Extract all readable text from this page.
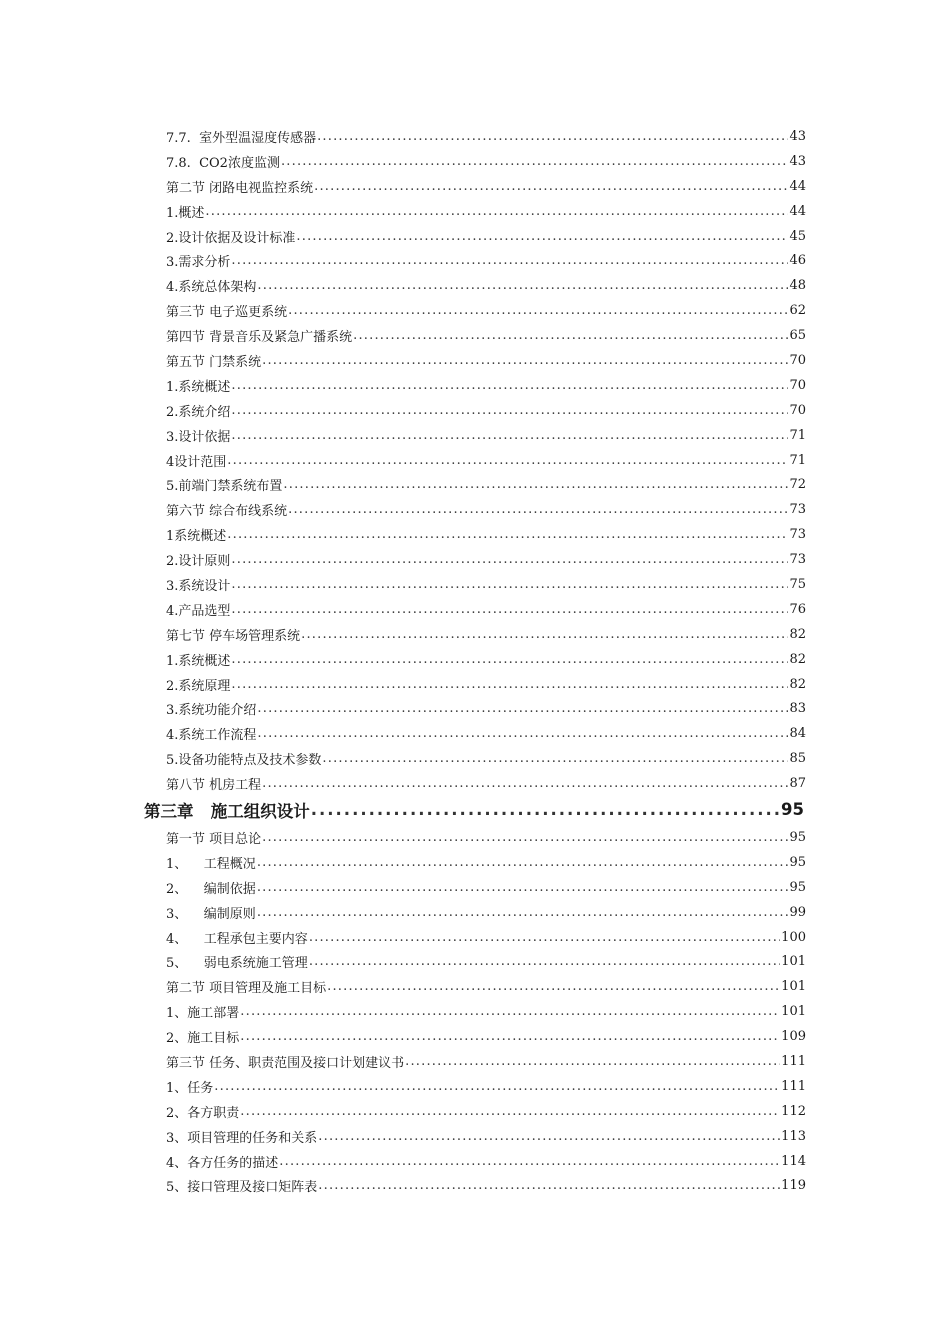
7.7.  室外型温湿度传感器 .....	43
7.8.  CO2浓度监测 .....	43
第二节 闭路电视监控系统 .....	44
1.概述 .....	44
2.设计依据及设计标准 .....	45
3.需求分析 .....	46
4.系统总体架构 .....	48
第三节 电子巡更系统 .....	62
第四节 背景音乐及紧急广播系统 .....	65
第五节 门禁系统 .....	70
1.系统概述 .....	70
2.系统介绍 .....	70
3.设计依据 .....	71
4设计范围 .....	71
5.前端门禁系统布置 .....	72
第六节 综合布线系统 .....	73
1系统概述 .....	73
2.设计原则 .....	73
3.系统设计 .....	75
4.产品选型 .....	76
第七节 停车场管理系统 .....	82
1.系统概述 .....	82
2.系统原理 .....	82
3.系统功能介绍 .....	83
4.系统工作流程 .....	84
5.设备功能特点及技术参数 .....	85
第八节 机房工程 .....	87
第三章   施工组织设计 .....	95
第一节 项目总论 .....	95
1、    工程概况 .....	95
2、    编制依据 .....	95
3、    编制原则 .....	99
4、    工程承包主要内容 .....	100
5、    弱电系统施工管理 .....	101
第二节 项目管理及施工目标 .....	101
1、施工部署 .....	101
2、施工目标 .....	109
第三节 任务、职责范围及接口计划建议书 .....	111
1、任务 .....	111
2、各方职责 .....	112
3、项目管理的任务和关系 .....	113
4、各方任务的描述 .....	114
5、接口管理及接口矩阵表 .....	119
